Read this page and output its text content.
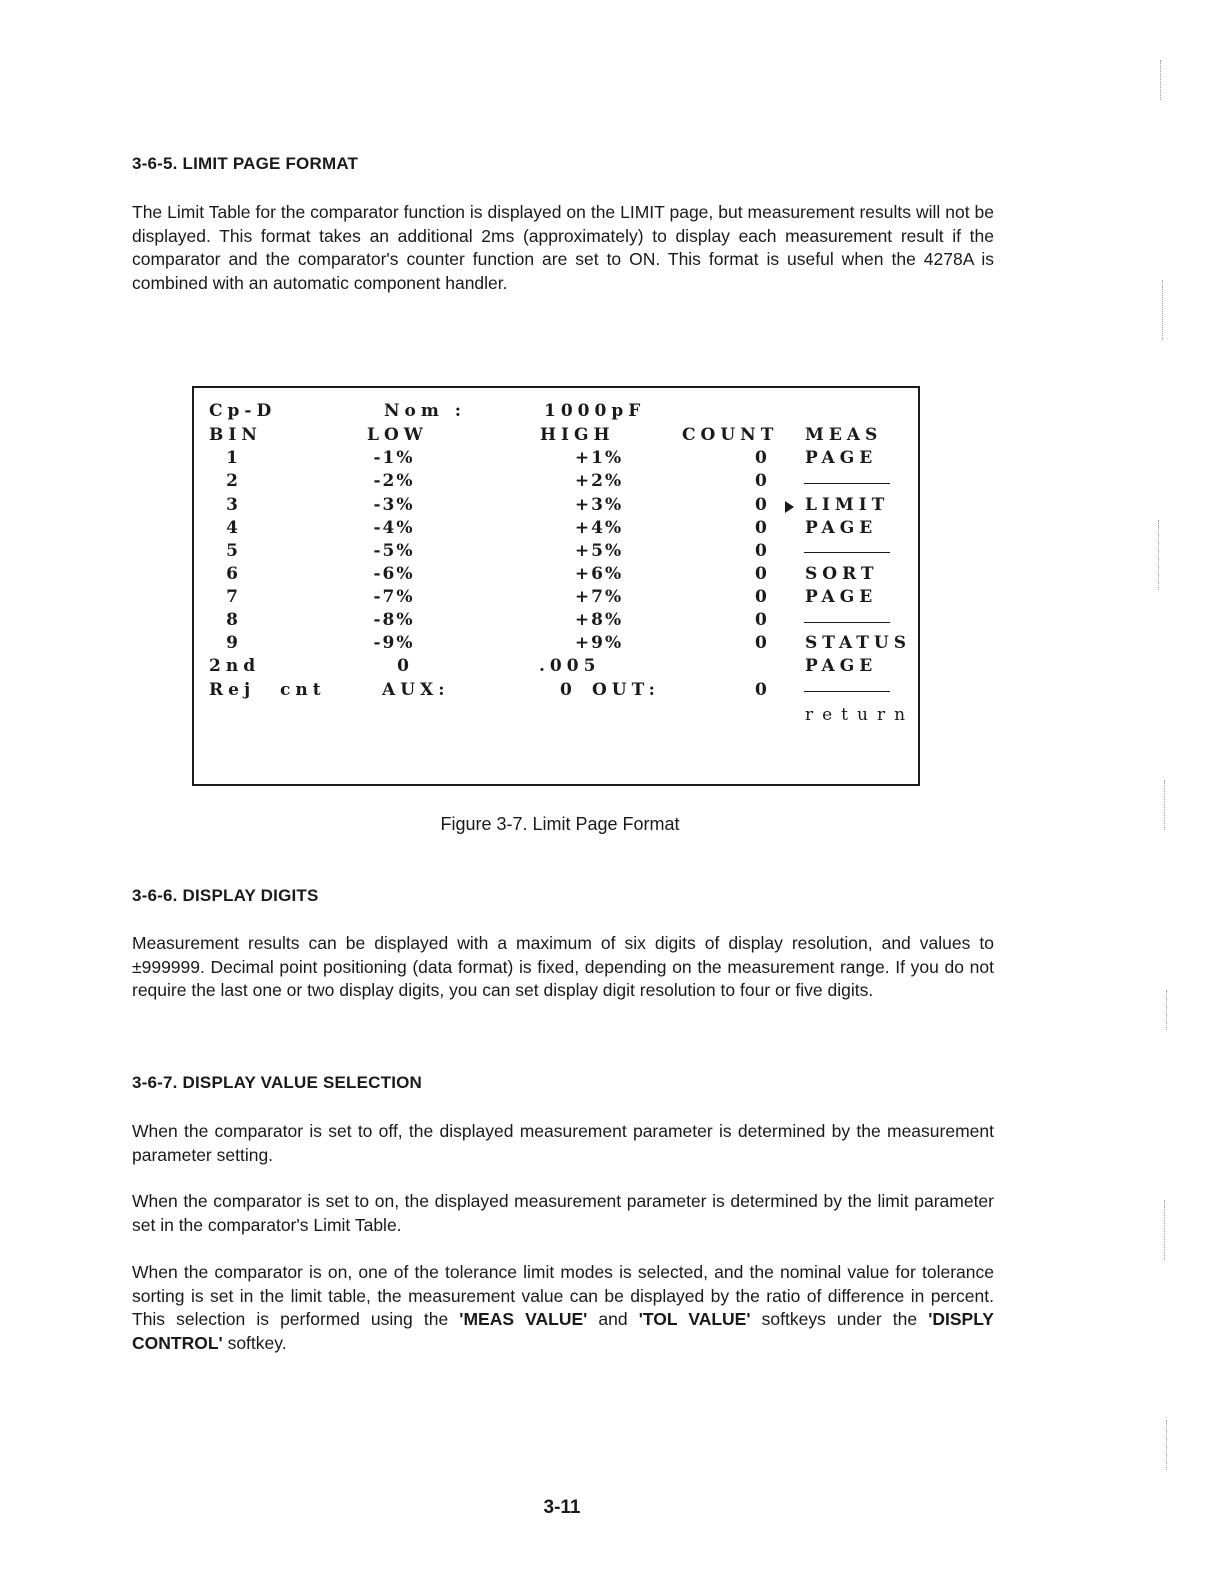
3-6-5. LIMIT PAGE FORMAT

The Limit Table for the comparator function is displayed on the LIMIT page, but measurement results will not be displayed. This format takes an additional 2ms (approximately) to display each measurement result if the comparator and the comparator's counter function are set to ON. This format is useful when the 4278A is combined with an automatic component handler.

Cp-D	Nom :	1000pF
BIN	LOW	HIGH	COUNT
1	-1%	+1%	0
2	-2%	+2%	0
3	-3%	+3%	0
4	-4%	+4%	0
5	-5%	+5%	0
6	-6%	+6%	0
7	-7%	+7%	0
8	-8%	+8%	0
9	-9%	+9%	0
2nd	0	.005
Rej cnt	AUX:	0 OUT:	0
MEAS
PAGE
LIMIT
PAGE
SORT
PAGE
STATUS
PAGE
return

Figure 3-7. Limit Page Format

3-6-6. DISPLAY DIGITS

Measurement results can be displayed with a maximum of six digits of display resolution, and values to ±999999. Decimal point positioning (data format) is fixed, depending on the measurement range. If you do not require the last one or two display digits, you can set display digit resolution to four or five digits.

3-6-7. DISPLAY VALUE SELECTION

When the comparator is set to off, the displayed measurement parameter is determined by the measurement parameter setting.

When the comparator is set to on, the displayed measurement parameter is determined by the limit parameter set in the comparator's Limit Table.

When the comparator is on, one of the tolerance limit modes is selected, and the nominal value for tolerance sorting is set in the limit table, the measurement value can be displayed by the ratio of difference in percent. This selection is performed using the 'MEAS VALUE' and 'TOL VALUE' softkeys under the 'DISPLY CONTROL' softkey.

3-11
